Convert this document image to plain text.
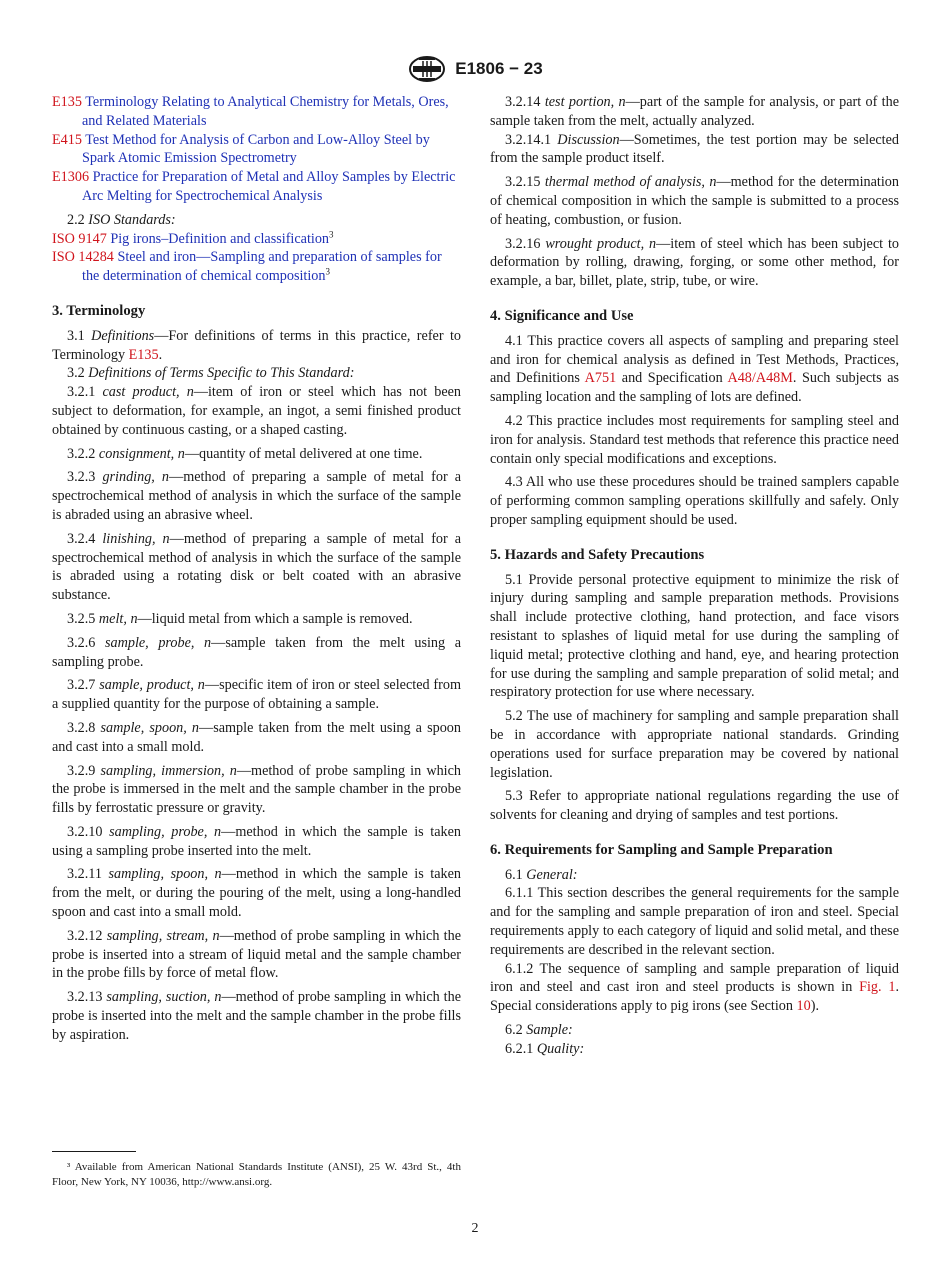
E1806 − 23

E135 Terminology Relating to Analytical Chemistry for Metals, Ores, and Related Materials

E415 Test Method for Analysis of Carbon and Low-Alloy Steel by Spark Atomic Emission Spectrometry

E1306 Practice for Preparation of Metal and Alloy Samples by Electric Arc Melting for Spectrochemical Analysis

2.2 ISO Standards:

ISO 9147 Pig irons–Definition and classification$^3$

ISO 14284 Steel and iron—Sampling and preparation of samples for the determination of chemical composition$^3$

3. Terminology

3.1 Definitions—For definitions of terms in this practice, refer to Terminology E135.

3.2 Definitions of Terms Specific to This Standard:

3.2.1 cast product, n—item of iron or steel which has not been subject to deformation, for example, an ingot, a semi finished product obtained by continuous casting, or a shaped casting.

3.2.2 consignment, n—quantity of metal delivered at one time.

3.2.3 grinding, n—method of preparing a sample of metal for a spectrochemical method of analysis in which the surface of the sample is abraded using an abrasive wheel.

3.2.4 linishing, n—method of preparing a sample of metal for a spectrochemical method of analysis in which the surface of the sample is abraded using a rotating disk or belt coated with an abrasive substance.

3.2.5 melt, n—liquid metal from which a sample is removed.

3.2.6 sample, probe, n—sample taken from the melt using a sampling probe.

3.2.7 sample, product, n—specific item of iron or steel selected from a supplied quantity for the purpose of obtaining a sample.

3.2.8 sample, spoon, n—sample taken from the melt using a spoon and cast into a small mold.

3.2.9 sampling, immersion, n—method of probe sampling in which the probe is immersed in the melt and the sample chamber in the probe fills by ferrostatic pressure or gravity.

3.2.10 sampling, probe, n—method in which the sample is taken using a sampling probe inserted into the melt.

3.2.11 sampling, spoon, n—method in which the sample is taken from the melt, or during the pouring of the melt, using a long-handled spoon and cast into a small mold.

3.2.12 sampling, stream, n—method of probe sampling in which the probe is inserted into a stream of liquid metal and the sample chamber in the probe fills by force of metal flow.

3.2.13 sampling, suction, n—method of probe sampling in which the probe is inserted into the melt and the sample chamber in the probe fills by aspiration.

3.2.14 test portion, n—part of the sample for analysis, or part of the sample taken from the melt, actually analyzed.

3.2.14.1 Discussion—Sometimes, the test portion may be selected from the sample product itself.

3.2.15 thermal method of analysis, n—method for the determination of chemical composition in which the sample is submitted to a process of heating, combustion, or fusion.

3.2.16 wrought product, n—item of steel which has been subject to deformation by rolling, drawing, forging, or some other method, for example, a bar, billet, plate, strip, tube, or wire.

4. Significance and Use

4.1 This practice covers all aspects of sampling and preparing steel and iron for chemical analysis as defined in Test Methods, Practices, and Definitions A751 and Specification A48/A48M. Such subjects as sampling location and the sampling of lots are defined.

4.2 This practice includes most requirements for sampling steel and iron for analysis. Standard test methods that reference this practice need contain only special modifications and exceptions.

4.3 All who use these procedures should be trained samplers capable of performing common sampling operations skillfully and safely. Only proper sampling equipment should be used.

5. Hazards and Safety Precautions

5.1 Provide personal protective equipment to minimize the risk of injury during sampling and sample preparation methods. Provisions shall include protective clothing, hand protection, and face visors resistant to splashes of liquid metal for use during the sampling of liquid metal; protective clothing and hand, eye, and hearing protection for use during the sampling and sample preparation of solid metal; and respiratory protection for use where necessary.

5.2 The use of machinery for sampling and sample preparation shall be in accordance with appropriate national standards. Grinding operations used for surface preparation may be covered by national legislation.

5.3 Refer to appropriate national regulations regarding the use of solvents for cleaning and drying of samples and test portions.

6. Requirements for Sampling and Sample Preparation

6.1 General:

6.1.1 This section describes the general requirements for the sample and for the sampling and sample preparation of iron and steel. Special requirements apply to each category of liquid and solid metal, and these requirements are described in the relevant section.

6.1.2 The sequence of sampling and sample preparation of liquid iron and steel and cast iron and steel products is shown in Fig. 1. Special considerations apply to pig irons (see Section 10).

6.2 Sample:

6.2.1 Quality:

³ Available from American National Standards Institute (ANSI), 25 W. 43rd St., 4th Floor, New York, NY 10036, http://www.ansi.org.

2
